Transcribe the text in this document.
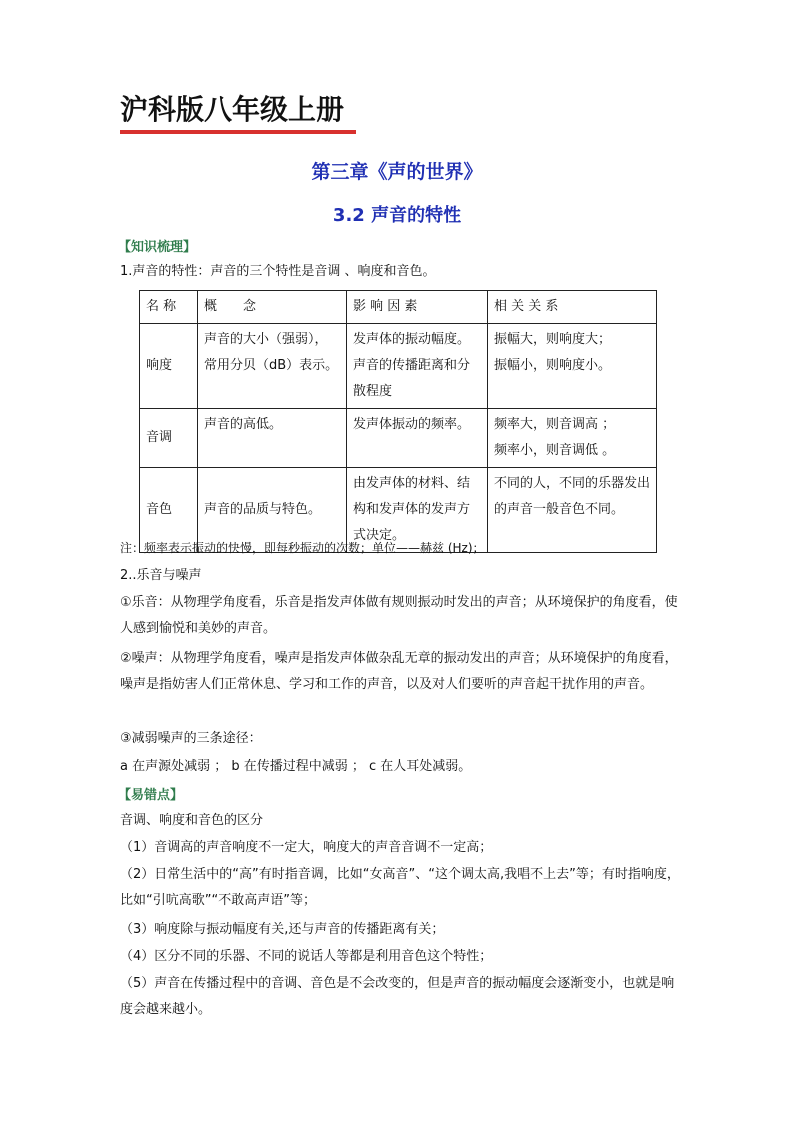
沪科版八年级上册
第三章《声的世界》
3.2 声音的特性
【知识梳理】
1.声音的特性：声音的三个特性是音调 、响度和音色。
名 称	概　　念	影 响 因 素	相 关 关 系
响度	声音的大小（强弱），常用分贝（dB）表示。	发声体的振动幅度。声音的传播距离和分散程度	振幅大，则响度大；
振幅小，则响度小。

音调	声音的高低。	发声体振动的频率。	频率大，则音调高 ；
频率小，则音调低 。

音色	声音的品质与特色。	由发声体的材料、结构和发声体的发声方式决定。	不同的人，不同的乐器发出的声音一般音色不同。
注：频率表示振动的快慢，即每秒振动的次数；单位——赫兹 (Hz)；
2..乐音与噪声
①乐音：从物理学角度看，乐音是指发声体做有规则振动时发出的声音；从环境保护的角度看，使人感到愉悦和美妙的声音。
②噪声：从物理学角度看，噪声是指发声体做杂乱无章的振动发出的声音；从环境保护的角度看，噪声是指妨害人们正常休息、学习和工作的声音，以及对人们要听的声音起干扰作用的声音。
③减弱噪声的三条途径：
a 在声源处减弱 ； b 在传播过程中减弱 ； c 在人耳处减弱。
【易错点】
音调、响度和音色的区分
（1）音调高的声音响度不一定大，响度大的声音音调不一定高；
（2）日常生活中的“高”有时指音调，比如“女高音”、“这个调太高,我唱不上去”等；有时指响度，比如“引吭高歌”“不敢高声语”等；
（3）响度除与振动幅度有关,还与声音的传播距离有关；
（4）区分不同的乐器、不同的说话人等都是利用音色这个特性；
（5）声音在传播过程中的音调、音色是不会改变的，但是声音的振动幅度会逐渐变小，也就是响度会越来越小。
